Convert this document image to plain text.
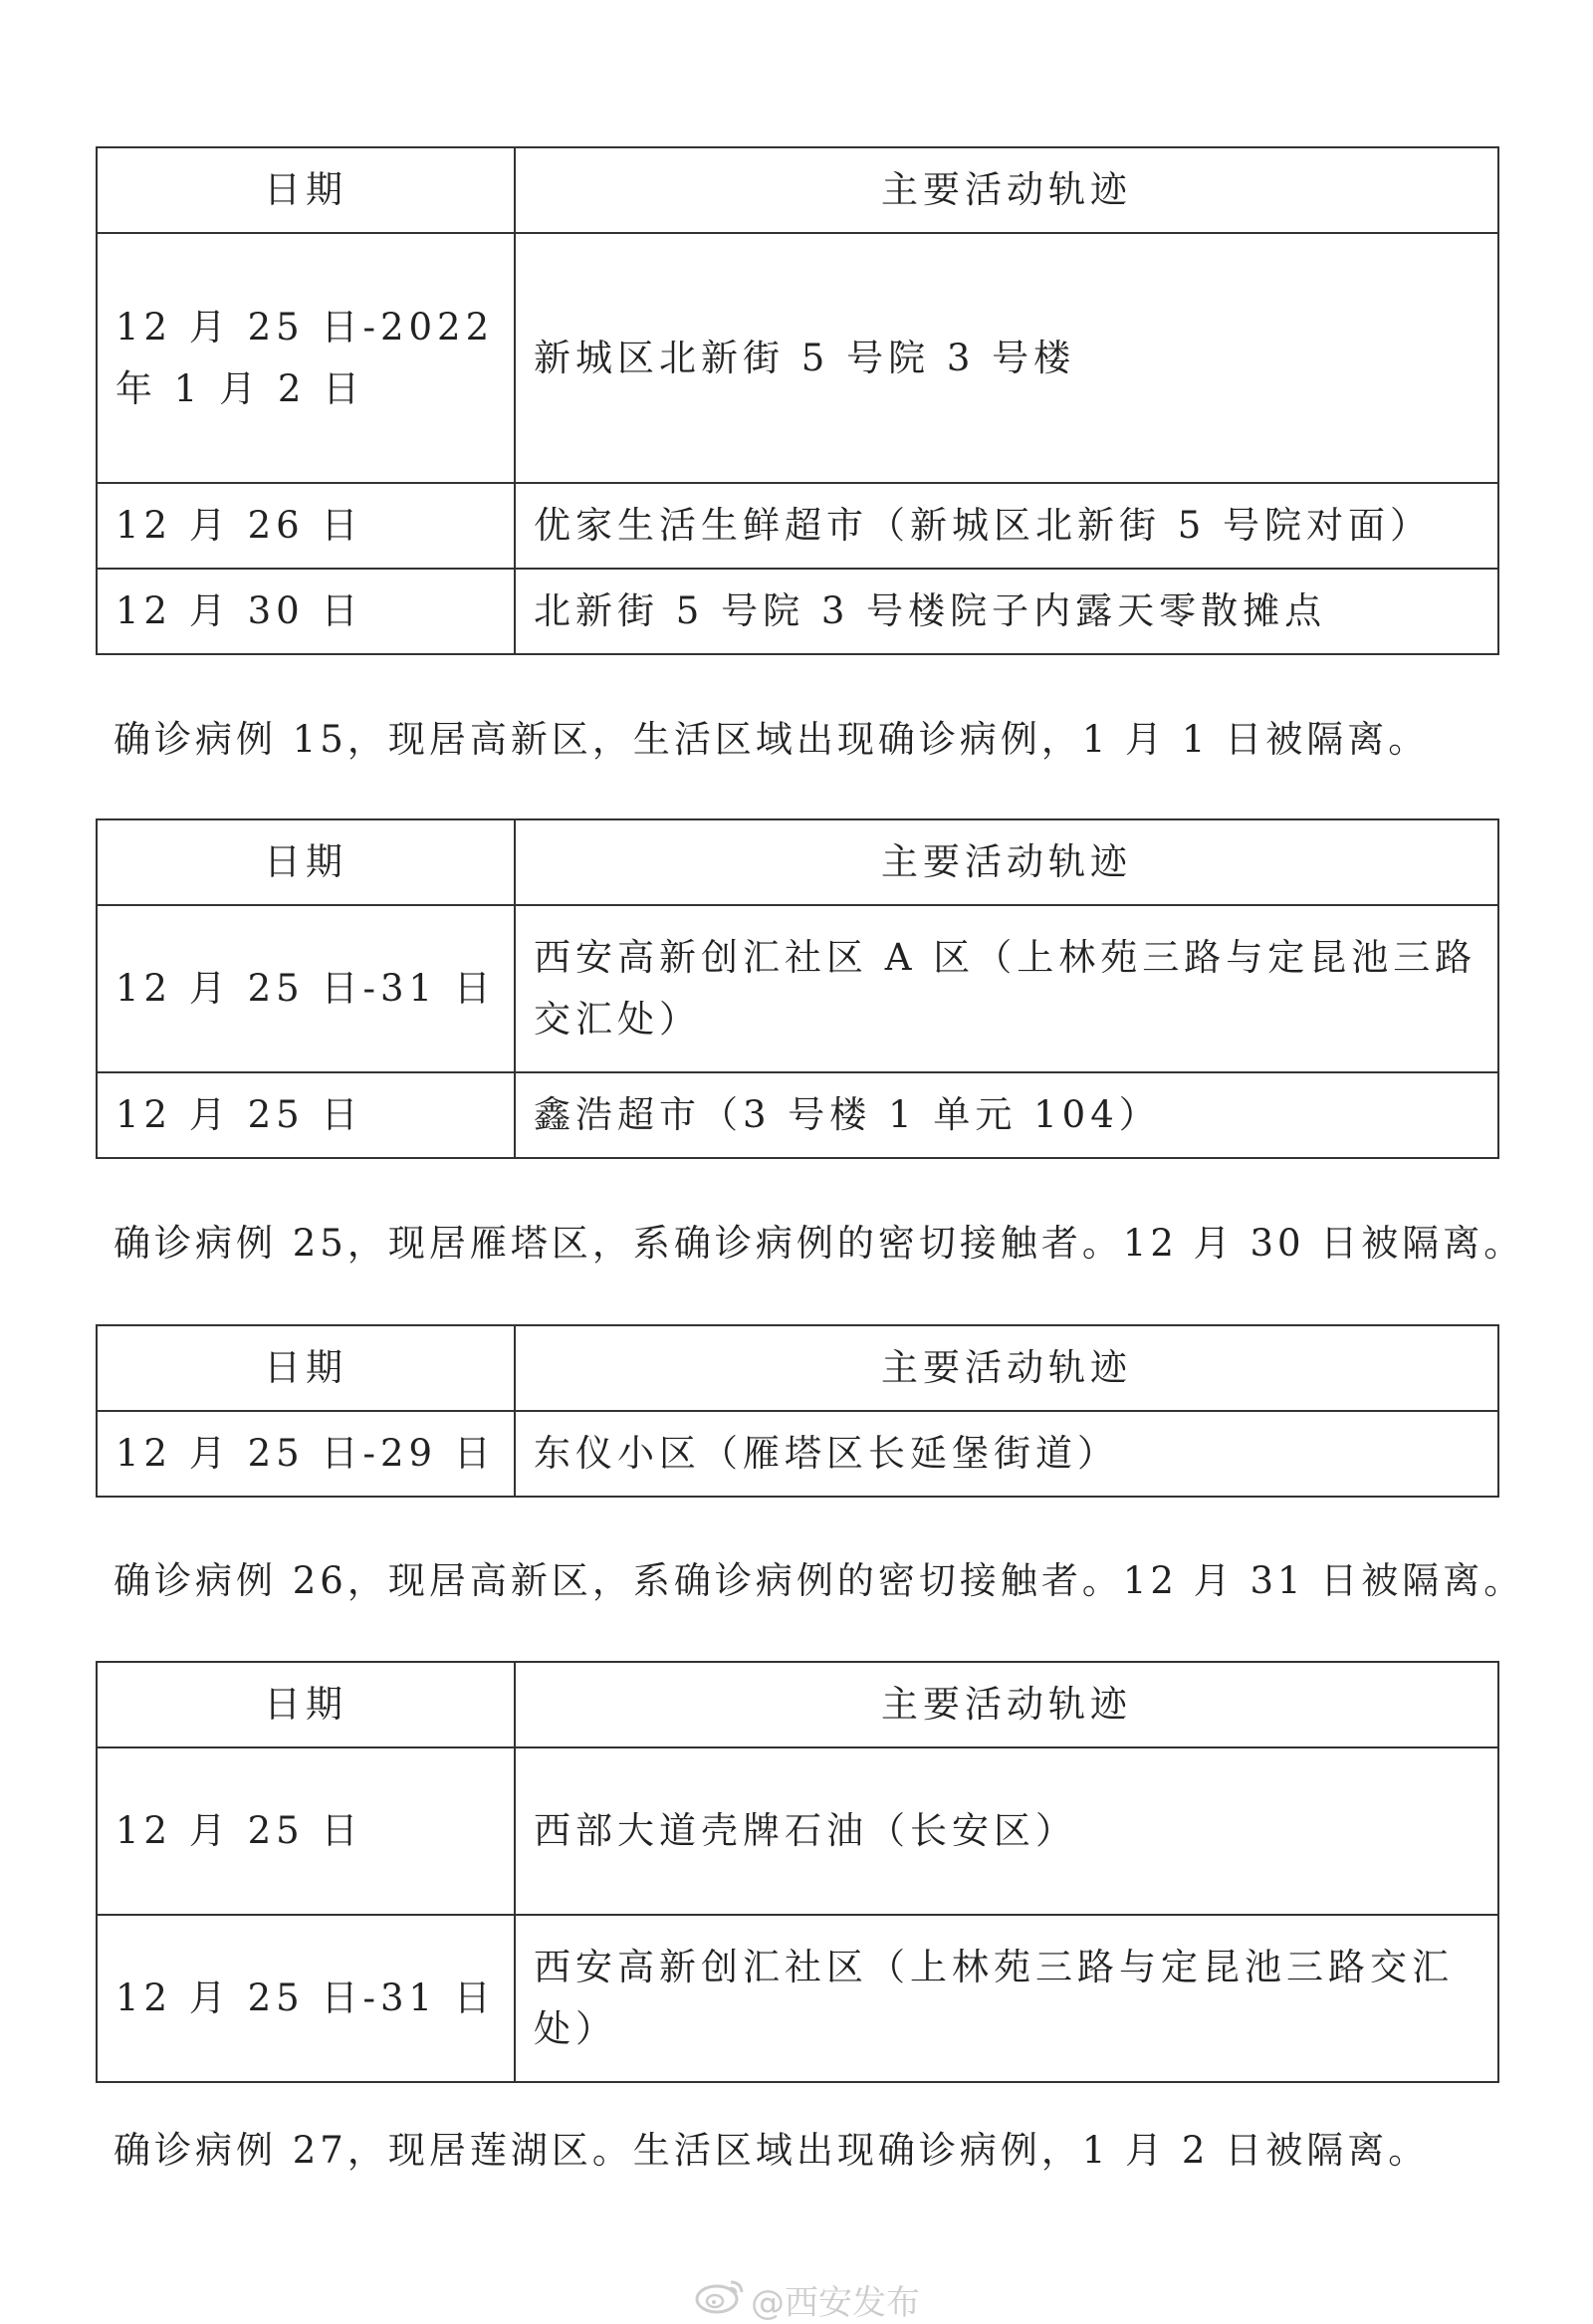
日期	主要活动轨迹
12 月 25 日-2022 年 1 月 2 日	新城区北新街 5 号院 3 号楼
12 月 26 日	优家生活生鲜超市（新城区北新街 5 号院对面）
12 月 30 日	北新街 5 号院 3 号楼院子内露天零散摊点
确诊病例 15，现居高新区，生活区域出现确诊病例，1 月 1 日被隔离。
日期	主要活动轨迹
12 月 25 日-31 日	西安高新创汇社区 A 区（上林苑三路与定昆池三路交汇处）
12 月 25 日	鑫浩超市（3 号楼 1 单元 104）
确诊病例 25，现居雁塔区，系确诊病例的密切接触者。12 月 30 日被隔离。
日期	主要活动轨迹
12 月 25 日-29 日	东仪小区（雁塔区长延堡街道）
确诊病例 26，现居高新区，系确诊病例的密切接触者。12 月 31 日被隔离。
日期	主要活动轨迹
12 月 25 日	西部大道壳牌石油（长安区）
12 月 25 日-31 日	西安高新创汇社区（上林苑三路与定昆池三路交汇处）
确诊病例 27，现居莲湖区。生活区域出现确诊病例，1 月 2 日被隔离。
@西安发布
